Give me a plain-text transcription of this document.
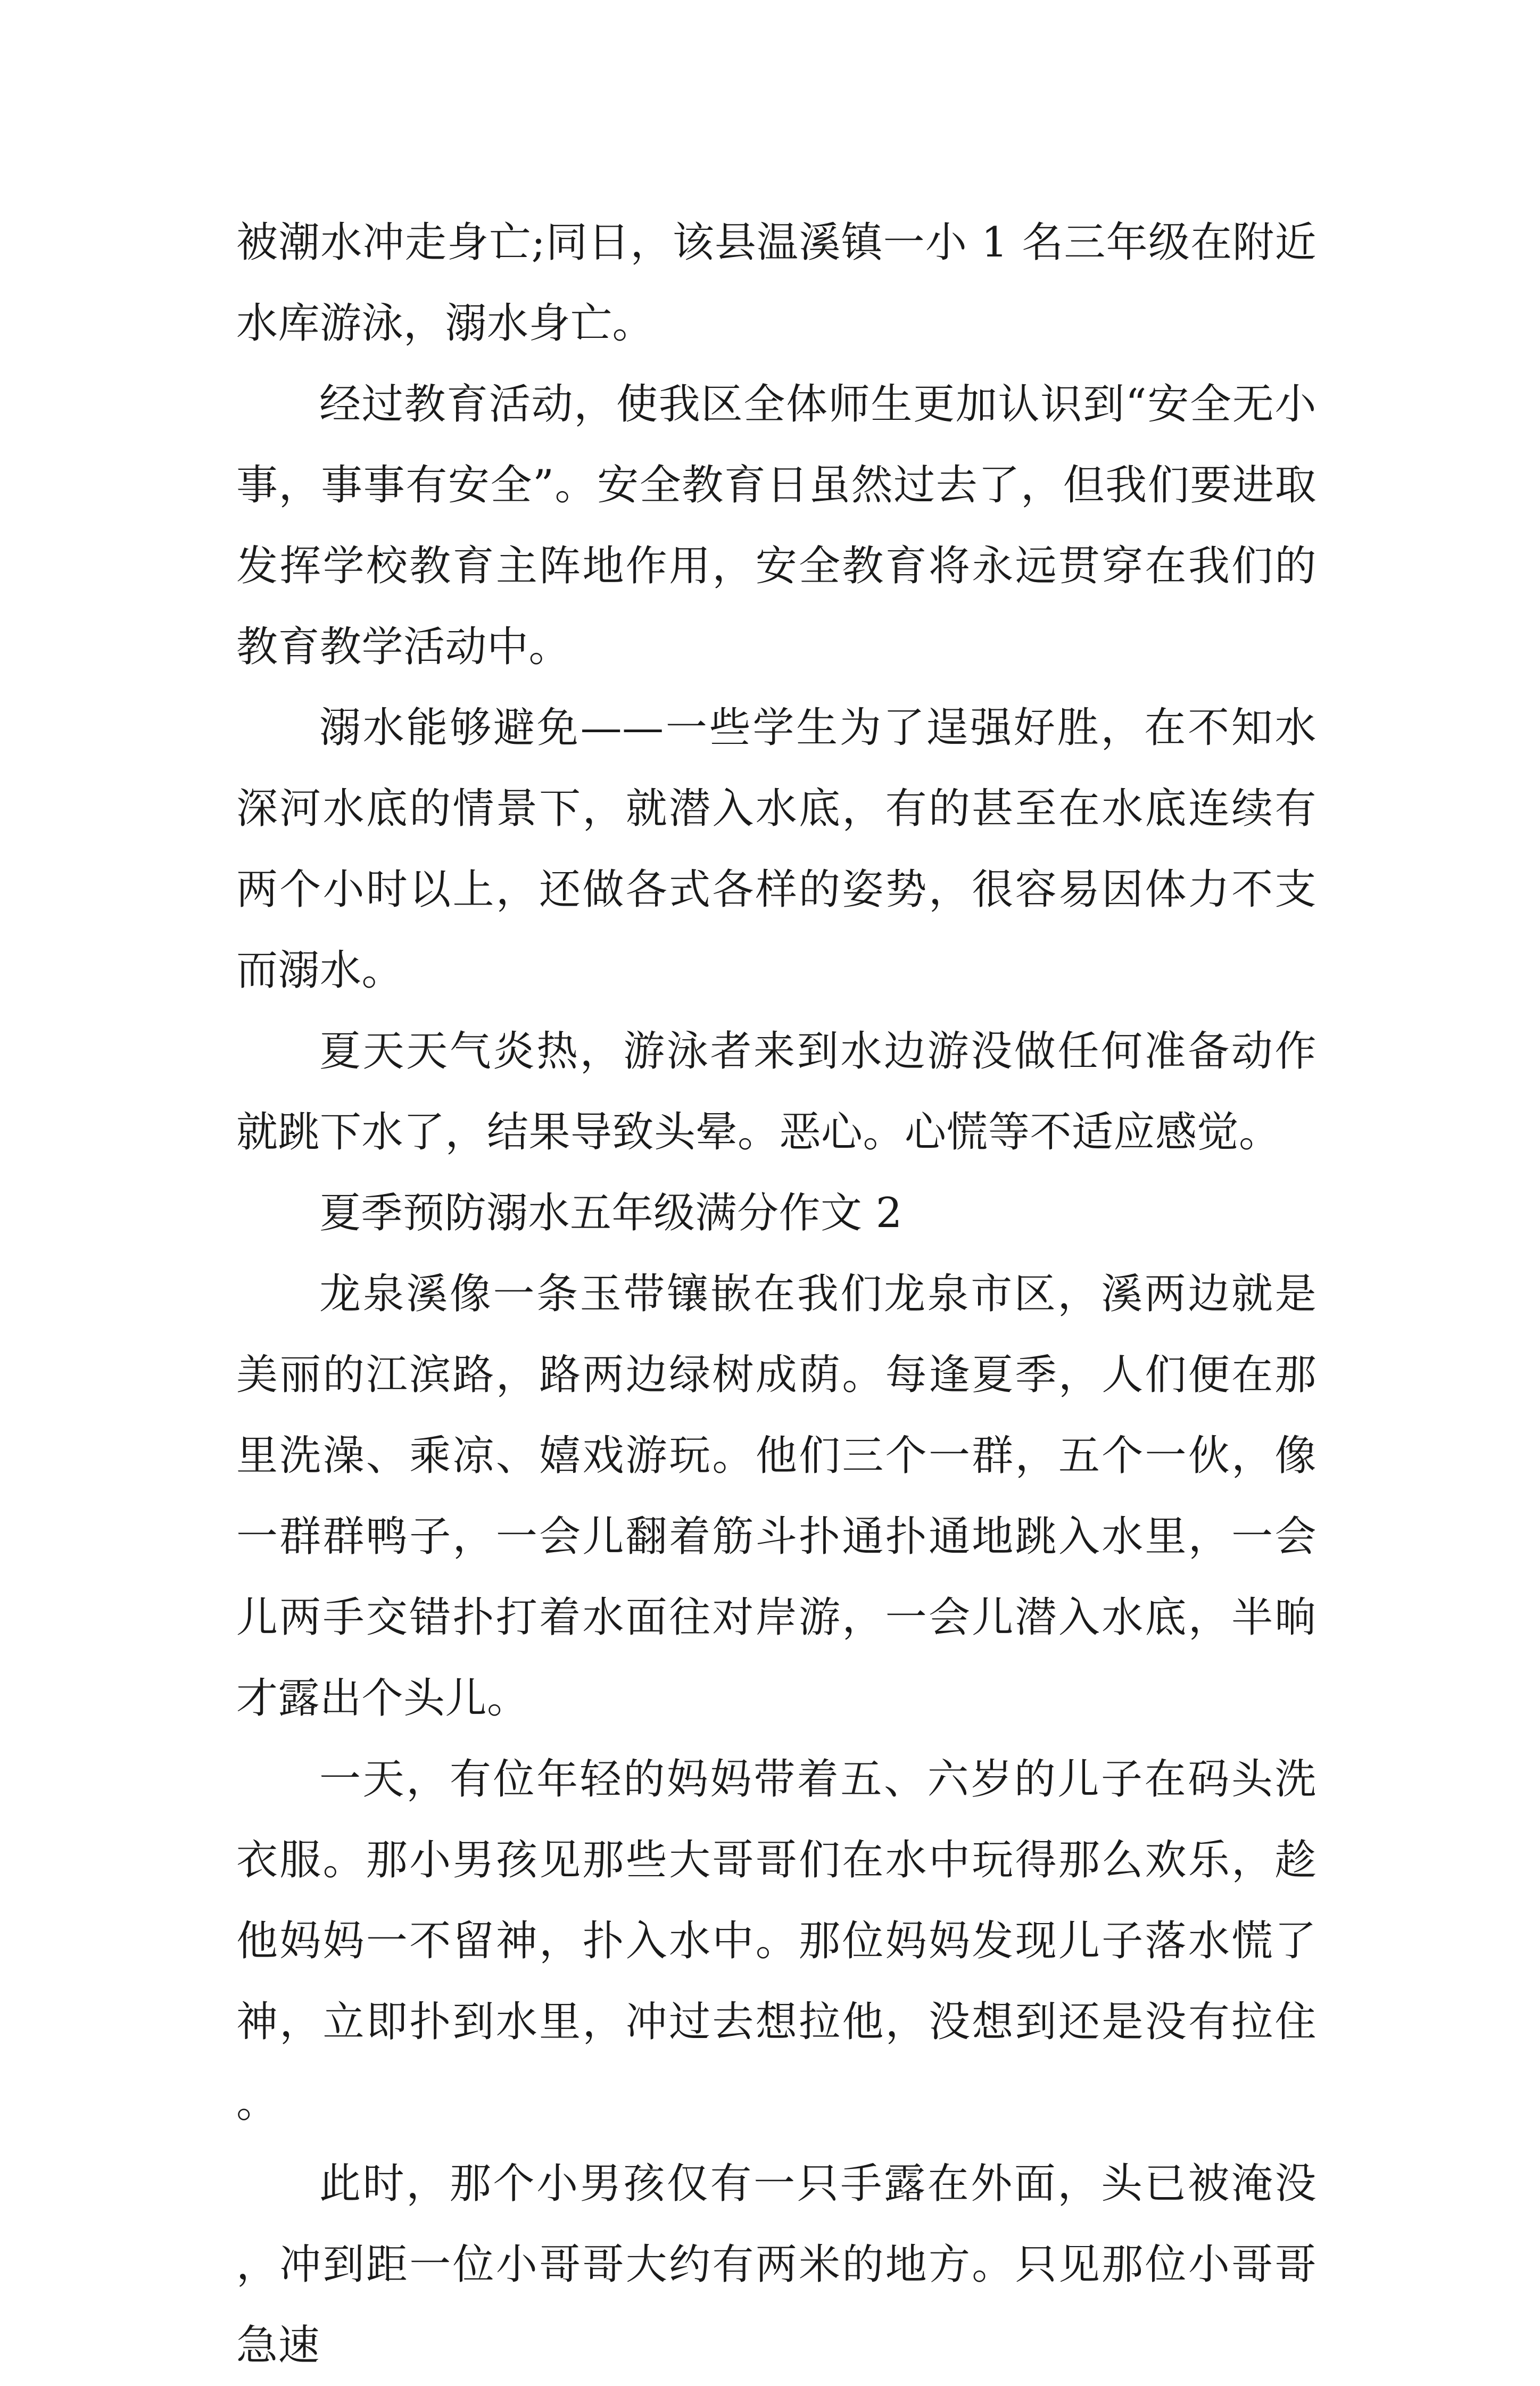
被潮水冲走身亡;同日，该县温溪镇一小 1 名三年级在附近水库游泳，溺水身亡。

经过教育活动，使我区全体师生更加认识到“安全无小事，事事有安全”。安全教育日虽然过去了，但我们要进取发挥学校教育主阵地作用，安全教育将永远贯穿在我们的教育教学活动中。

溺水能够避免——一些学生为了逞强好胜，在不知水深河水底的情景下，就潜入水底，有的甚至在水底连续有两个小时以上，还做各式各样的姿势，很容易因体力不支而溺水。

夏天天气炎热，游泳者来到水边游没做任何准备动作就跳下水了，结果导致头晕。恶心。心慌等不适应感觉。

夏季预防溺水五年级满分作文 2

龙泉溪像一条玉带镶嵌在我们龙泉市区，溪两边就是美丽的江滨路，路两边绿树成荫。每逢夏季，人们便在那里洗澡、乘凉、嬉戏游玩。他们三个一群，五个一伙，像一群群鸭子，一会儿翻着筋斗扑通扑通地跳入水里，一会儿两手交错扑打着水面往对岸游，一会儿潜入水底，半晌才露出个头儿。

一天，有位年轻的妈妈带着五、六岁的儿子在码头洗衣服。那小男孩见那些大哥哥们在水中玩得那么欢乐，趁他妈妈一不留神，扑入水中。那位妈妈发现儿子落水慌了神，立即扑到水里，冲过去想拉他，没想到还是没有拉住。

此时，那个小男孩仅有一只手露在外面，头已被淹没，冲到距一位小哥哥大约有两米的地方。只见那位小哥哥急速
